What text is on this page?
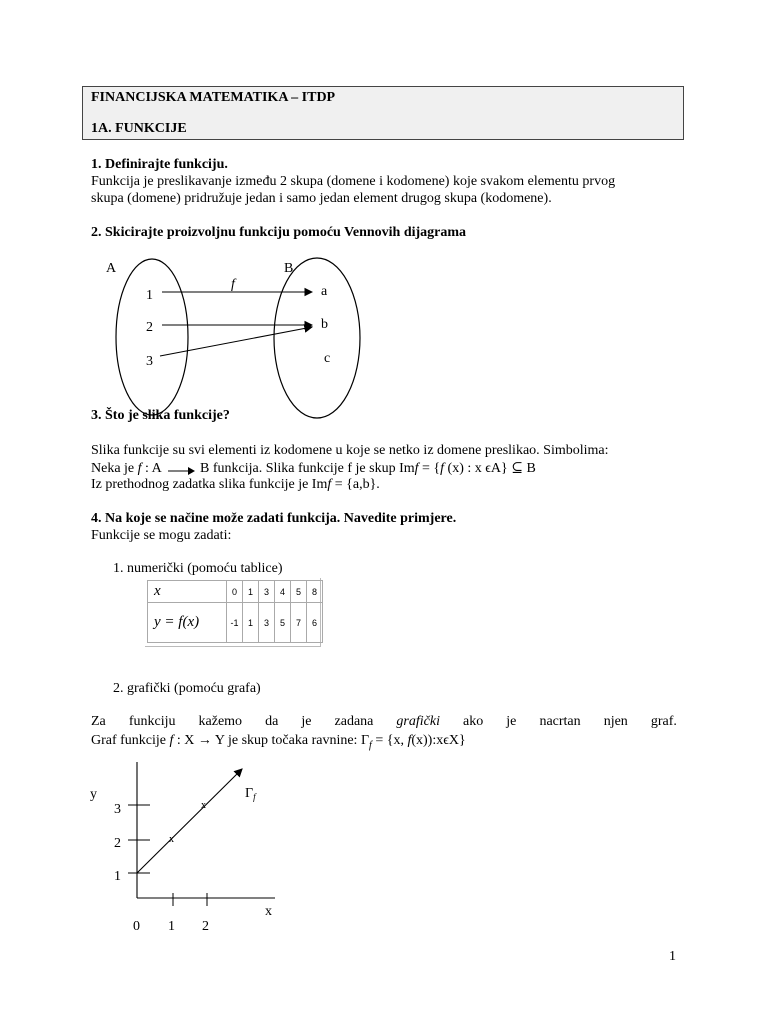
FINANCIJSKA MATEMATIKA – ITDP
1A. FUNKCIJE
1. Definirajte funkciju.
Funkcija je preslikavanje između 2 skupa (domene i kodomene) koje svakom elementu prvog
skupa (domene) pridružuje jedan i samo jedan element drugog skupa (kodomene).
2. Skicirajte proizvoljnu funkciju pomoću Vennovih dijagrama
A	B
f
1
2
3
a
b
c
3. Što je slika funkcije?
Slika funkcije su svi elementi iz kodomene u koje se netko iz domene preslikao. Simbolima:
Neka je f : A	B funkcija. Slika funkcije f je skup Imf = {f (x) : x ϵA} ⊆ B
Iz prethodnog zadatka slika funkcije je Imf = {a,b}.
4. Na koje se načine može zadati funkcija. Navedite primjere.
Funkcije se mogu zadati:
1. numerički (pomoću tablice)
x	0	1	3	4	5	8
y = f(x)	-1	1	3	5	7	6
2. grafički (pomoću grafa)
Za funkciju kažemo da je zadana grafički ako je nacrtan njen graf.
Graf funkcije f : X → Y je skup točaka ravnine: $\Gamma_f = \{x$, f(x)):xϵX}
x
x
y
x
$\Gamma_f$
3
2
1
0 1 2
1
